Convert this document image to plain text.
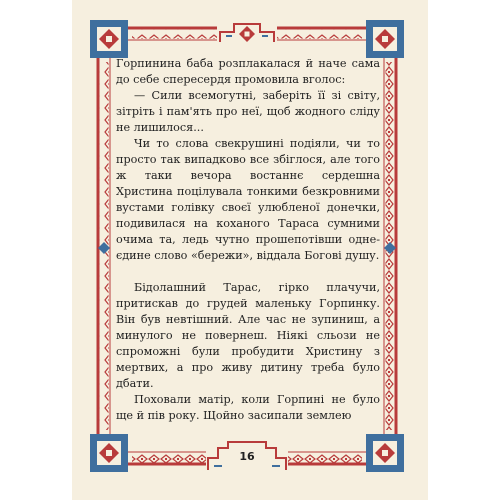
Горпинина баба розплакалася й наче сама до себе спересердя промовила вголос:

— Сили всемогутні, заберіть її зі світу, зітріть і пам'ять про неї, щоб жодного сліду не лишилося...

Чи то слова свекрушині подіяли, чи то просто так випадково все збіглося, але того ж таки вечора востаннє сердешна Христина поцілувала тонкими безкровними вустами голівку своєї улюбленої донечки, подивилася на коханого Тараса сумними очима та, ледь чутно прошепотівши одне-єдине слово «бережи», віддала Богові душу.

Бідолашний Тарас, гірко плачучи, притискав до грудей маленьку Горпинку. Він був невтішний. Але час не зупиниш, а минулого не повернеш. Ніякі сльози не спроможні були пробудити Христину з мертвих, а про живу дитину треба було дбати.

Поховали матір, коли Горпині не було ще й пів року. Щойно засипали землею

16
